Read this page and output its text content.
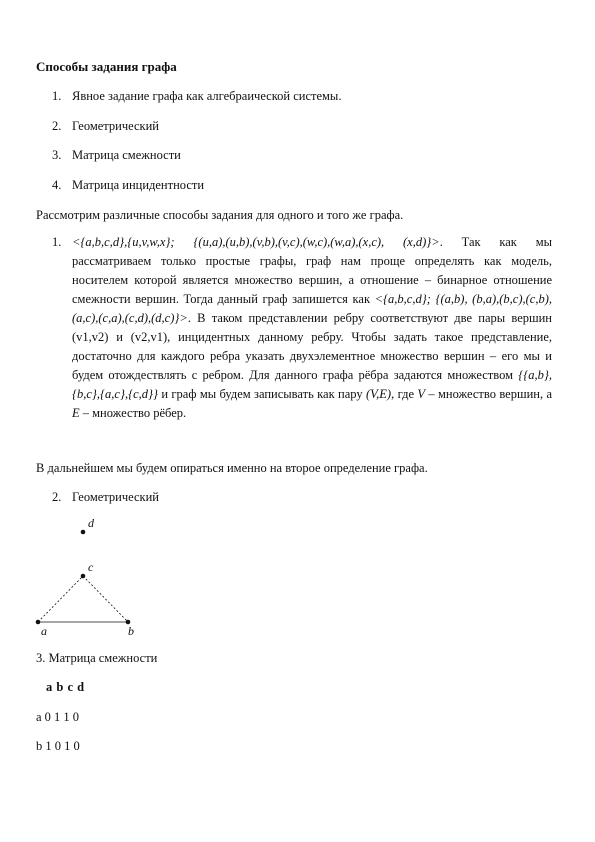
Способы задания графа
1. Явное задание графа как алгебраической системы.
2. Геометрический
3. Матрица смежности
4. Матрица инцидентности
Рассмотрим различные способы задания для одного и того же графа.
1. <{a,b,c,d},{u,v,w,x}; {(u,a),(u,b),(v,b),(v,c),(w,c),(w,a),(x,c), (x,d)}>. Так как мы рассматриваем только простые графы, граф нам проще определять как модель, носителем которой является множество вершин, а отношение – бинарное отношение смежности вершин. Тогда данный граф запишется как <{a,b,c,d}; {(a,b), (b,a),(b,c),(c,b),(a,c),(c,a),(c,d),(d,c)}>. В таком представлении ребру соответствуют две пары вершин (v1,v2) и (v2,v1), инцидентных данному ребру. Чтобы задать такое представление, достаточно для каждого ребра указать двухэлементное множество вершин – его мы и будем отождествлять с ребром. Для данного графа рёбра задаются множеством {{a,b},{b,c},{a,c},{c,d}} и граф мы будем записывать как пару (V,E), где V – множество вершин, а E – множество рёбер.

В дальнейшем мы будем опираться именно на второе определение графа.
2. Геометрический
d
c
a	b
3. Матрица смежности
a b c d
a 0 1 1 0
b 1 0 1 0
